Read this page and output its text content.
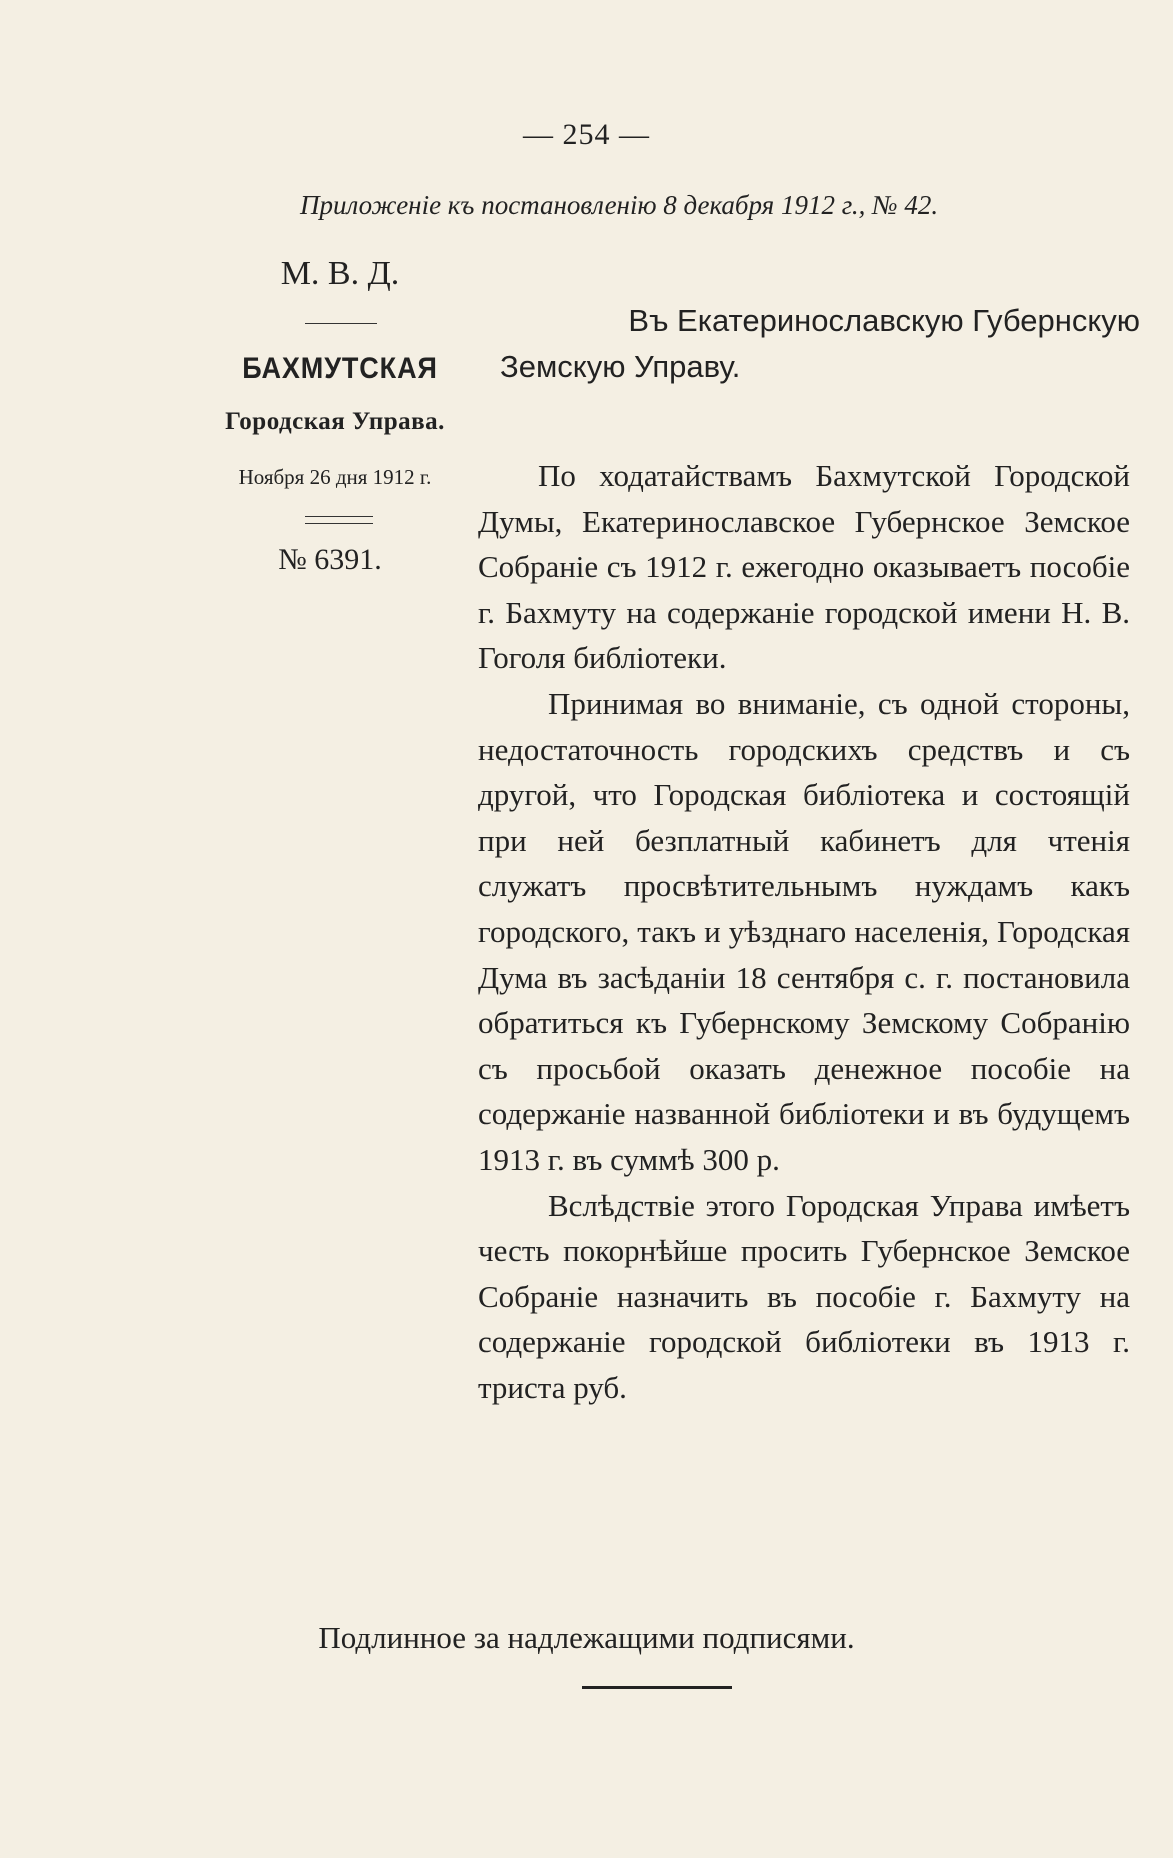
— 254 —
Приложеніе къ постановленію 8 декабря 1912 г., № 42.
М. В. Д.
БАХМУТСКАЯ
Городская Управа.
Ноября 26 дня 1912 г.
№ 6391.
Въ Екатеринославскую Губернскую
Земскую Управу.

По ходатайствамъ Бахмутской Городской Думы, Екатеринославское Губернское Земское Собраніе съ 1912 г. ежегодно оказываетъ пособіе г. Бахмуту на содержаніе городской имени Н. В. Гоголя библіотеки.

Принимая во вниманіе, съ одной стороны, недостаточность городскихъ средствъ и съ другой, что Городская библіотека и состоящій при ней безплатный кабинетъ для чтенія служатъ просвѣтительнымъ нуждамъ какъ городского, такъ и уѣзднаго населенія, Городская Дума въ засѣданіи 18 сентября с. г. постановила обратиться къ Губернскому Земскому Собранію съ просьбой оказать денежное пособіе на содержаніе названной библіотеки и въ будущемъ 1913 г. въ суммѣ 300 р.

Вслѣдствіе этого Городская Управа имѣетъ честь покорнѣйше просить Губернское Земское Собраніе назначить въ пособіе г. Бахмуту на содержаніе городской библіотеки въ 1913 г. триста руб.

Подлинное за надлежащими подписями.
